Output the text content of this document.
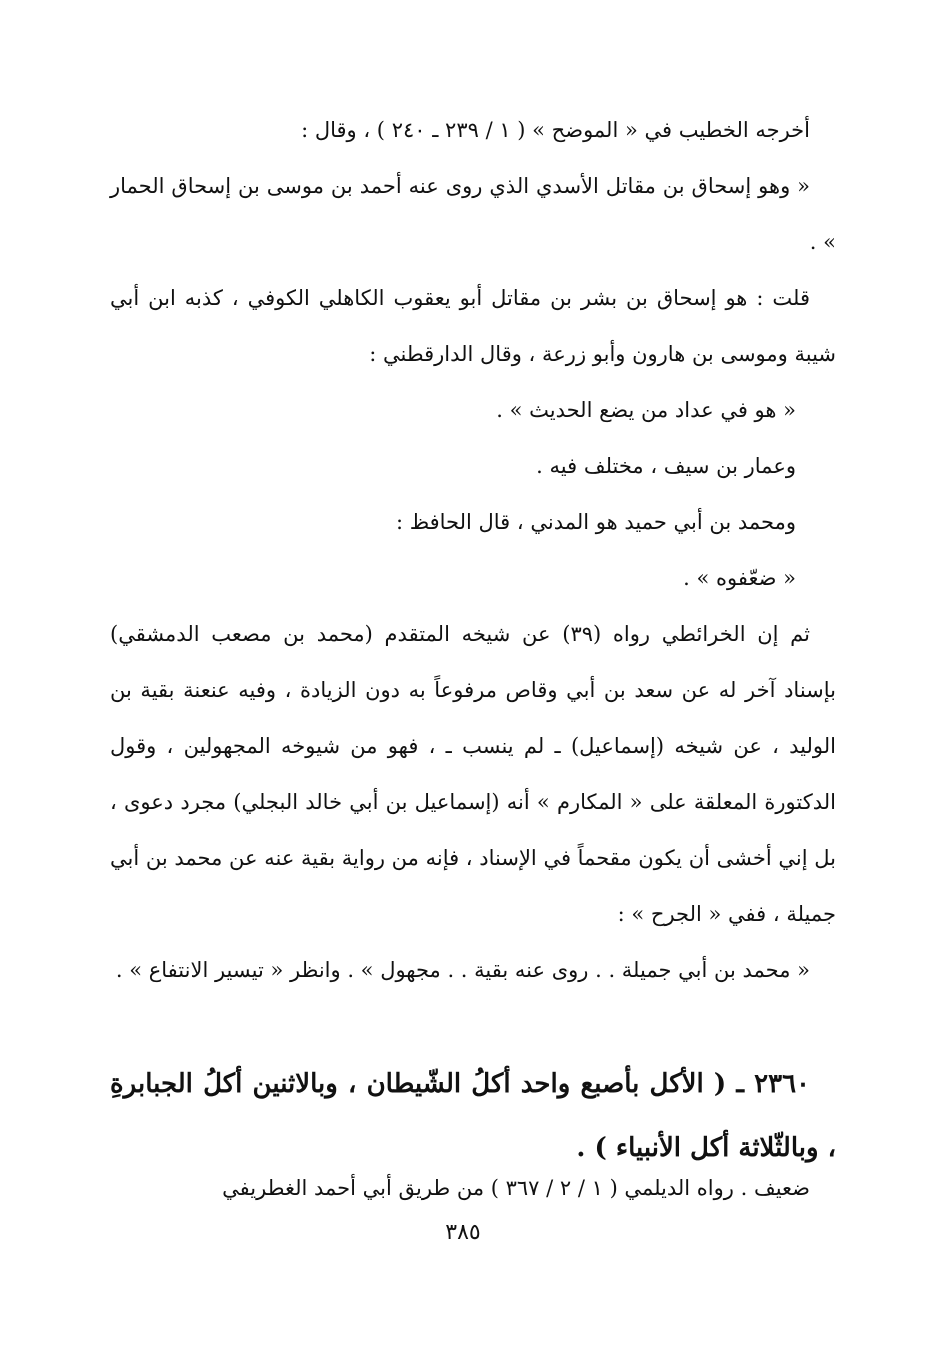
أخرجه الخطيب في « الموضح » ( ١ / ٢٣٩ ـ ٢٤٠ ) ، وقال :

« وهو إسحاق بن مقاتل الأسدي الذي روى عنه أحمد بن موسى بن إسحاق الحمار » .

قلت : هو إسحاق بن بشر بن مقاتل أبو يعقوب الكاهلي الكوفي ، كذبه ابن أبي شيبة وموسى بن هارون وأبو زرعة ، وقال الدارقطني :

« هو في عداد من يضع الحديث » .

وعمار بن سيف ، مختلف فيه .

ومحمد بن أبي حميد هو المدني ، قال الحافظ :

« ضعّفوه » .

ثم إن الخرائطي رواه (٣٩) عن شيخه المتقدم (محمد بن مصعب الدمشقي) بإسناد آخر له عن سعد بن أبي وقاص مرفوعاً به دون الزيادة ، وفيه عنعنة بقية بن الوليد ، عن شيخه (إسماعيل) ـ لم ينسب ـ ، فهو من شيوخه المجهولين ، وقول الدكتورة المعلقة على « المكارم » أنه (إسماعيل بن أبي خالد البجلي) مجرد دعوى ، بل إني أخشى أن يكون مقحماً في الإسناد ، فإنه من رواية بقية عنه عن محمد بن أبي جميلة ، ففي « الجرح » :

« محمد بن أبي جميلة . . روى عنه بقية . . مجهول » . وانظر « تيسير الانتفاع » .

٢٣٦٠ ـ ( الأكل بأصبع واحد أكلُ الشّيطان ، وبالاثنين أكلُ الجبابرةِ ، وبالثّلاثة أكل الأنبياء ) .
ضعيف . رواه الديلمي ( ١ / ٢ / ٣٦٧ ) من طريق أبي أحمد الغطريفي
٣٨٥
